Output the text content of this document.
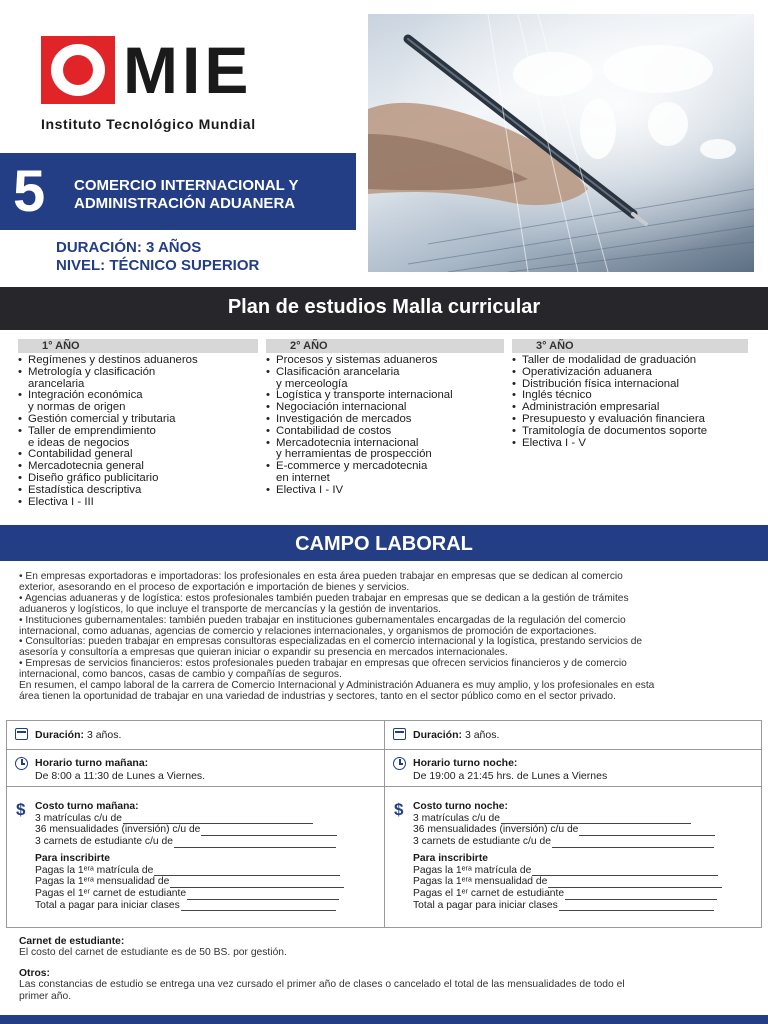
MIE
Instituto Tecnológico Mundial
5 COMERCIO INTERNACIONAL Y
ADMINISTRACIÓN ADUANERA
DURACIÓN: 3 AÑOS
NIVEL: TÉCNICO SUPERIOR
Plan de estudios Malla curricular
1° AÑO
• Regímenes y destinos aduaneros
• Metrología y clasificación
arancelaria
• Integración económica
y normas de origen
• Gestión comercial y tributaria
• Taller de emprendimiento
e ideas de negocios
• Contabilidad general
• Mercadotecnia general
• Diseño gráfico publicitario
• Estadística descriptiva
• Electiva I - III
2° AÑO
• Procesos y sistemas aduaneros
• Clasificación arancelaria
y merceología
• Logística y transporte internacional
• Negociación internacional
• Investigación de mercados
• Contabilidad de costos
• Mercadotecnia internacional
y herramientas de prospección
• E-commerce y mercadotecnia
en internet
• Electiva I - IV
3° AÑO
• Taller de modalidad de graduación
• Operativización aduanera
• Distribución física internacional
• Inglés técnico
• Administración empresarial
• Presupuesto y evaluación financiera
• Tramitología de documentos soporte
• Electiva I - V
CAMPO LABORAL
• En empresas exportadoras e importadoras: los profesionales en esta área pueden trabajar en empresas que se dedican al comercio
exterior, asesorando en el proceso de exportación e importación de bienes y servicios.
• Agencias aduaneras y de logística: estos profesionales también pueden trabajar en empresas que se dedican a la gestión de trámites
aduaneros y logísticos, lo que incluye el transporte de mercancías y la gestión de inventarios.
• Instituciones gubernamentales: también pueden trabajar en instituciones gubernamentales encargadas de la regulación del comercio
internacional, como aduanas, agencias de comercio y relaciones internacionales, y organismos de promoción de exportaciones.
• Consultorías: pueden trabajar en empresas consultoras especializadas en el comercio internacional y la logística, prestando servicios de
asesoría y consultoría a empresas que quieran iniciar o expandir su presencia en mercados internacionales.
• Empresas de servicios financieros: estos profesionales pueden trabajar en empresas que ofrecen servicios financieros y de comercio
internacional, como bancos, casas de cambio y compañías de seguros.
En resumen, el campo laboral de la carrera de Comercio Internacional y Administración Aduanera es muy amplio, y los profesionales en esta
área tienen la oportunidad de trabajar en una variedad de industrias y sectores, tanto en el sector público como en el sector privado.
Duración: 3 años.
Horario turno mañana:
De 8:00 a 11:30 de Lunes a Viernes.
$ Costo turno mañana:
3 matrículas c/u de
36 mensualidades (inversión) c/u de
3 carnets de estudiante c/u de
Para inscribirte
Pagas la 1ᵉʳᵃ matrícula de
Pagas la 1ᵉʳᵃ mensualidad de
Pagas el 1ᵉʳ carnet de estudiante
Total a pagar para iniciar clases
Duración: 3 años.
Horario turno noche:
De 19:00 a 21:45 hrs. de Lunes a Viernes
$ Costo turno noche:
3 matrículas c/u de
36 mensualidades (inversión) c/u de
3 carnets de estudiante c/u de
Para inscribirte
Pagas la 1ᵉʳᵃ matrícula de
Pagas la 1ᵉʳᵃ mensualidad de
Pagas el 1ᵉʳ carnet de estudiante
Total a pagar para iniciar clases
Carnet de estudiante:
El costo del carnet de estudiante es de 50 BS. por gestión.
Otros:
Las constancias de estudio se entrega una vez cursado el primer año de clases o cancelado el total de las mensualidades de todo el
primer año.
